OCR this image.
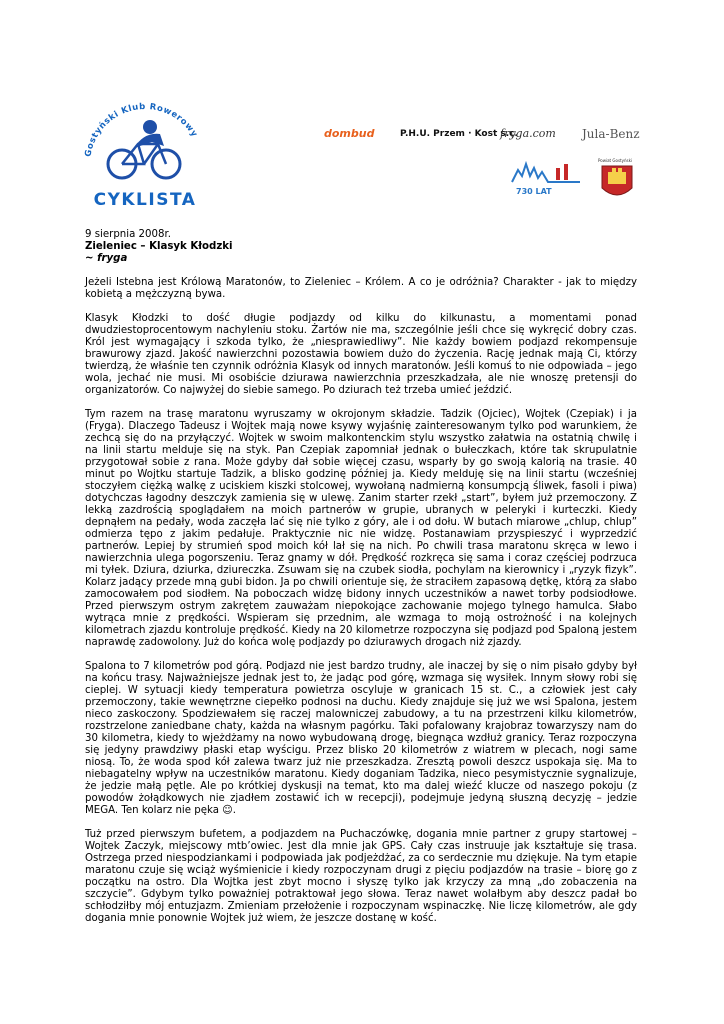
Gostyński Klub Rowerowy
CYKLISTA
dombud	P.H.U. Przem · Kost s.c.
fryga.com Jula-Benz
730 LAT
Powiat Gostyński

9 sierpnia 2008r.

Zieleniec – Klasyk Kłodzki

~ fryga

Jeżeli Istebna jest Królową Maratonów, to Zieleniec – Królem. A co je odróżnia? Charakter - jak to między kobietą a mężczyzną bywa.

Klasyk Kłodzki to dość długie podjazdy od kilku do kilkunastu, a momentami ponad dwudziestoprocentowym nachyleniu stoku. Żartów nie ma, szczególnie jeśli chce się wykręcić dobry czas. Król jest wymagający i szkoda tylko, że „niesprawiedliwy”. Nie każdy bowiem podjazd rekompensuje brawurowy zjazd. Jakość nawierzchni pozostawia bowiem dużo do życzenia. Rację jednak mają Ci, którzy twierdzą, że właśnie ten czynnik odróżnia Klasyk od innych maratonów. Jeśli komuś to nie odpowiada – jego wola, jechać nie musi. Mi osobiście dziurawa nawierzchnia przeszkadzała, ale nie wnoszę pretensji do organizatorów. Co najwyżej do siebie samego. Po dziurach też trzeba umieć jeździć.

Tym razem na trasę maratonu wyruszamy w okrojonym składzie. Tadzik (Ojciec), Wojtek (Czepiak) i ja (Fryga). Dlaczego Tadeusz i Wojtek mają nowe ksywy wyjaśnię zainteresowanym tylko pod warunkiem, że zechcą się do na przyłączyć. Wojtek w swoim malkontenckim stylu wszystko załatwia na ostatnią chwilę i na linii startu melduje się na styk. Pan Czepiak zapomniał jednak o bułeczkach, które tak skrupulatnie przygotował sobie z rana. Może gdyby dał sobie więcej czasu, wsparły by go swoją kalorią na trasie. 40 minut po Wojtku startuje Tadzik, a blisko godzinę później ja. Kiedy melduję się na linii startu (wcześniej stoczyłem ciężką walkę z uciskiem kiszki stolcowej, wywołaną nadmierną konsumpcją śliwek, fasoli i piwa) dotychczas łagodny deszczyk zamienia się w ulewę. Zanim starter rzekł „start”, byłem już przemoczony. Z lekką zazdrością spoglądałem na moich partnerów w grupie, ubranych w peleryki i kurteczki. Kiedy depnąłem na pedały, woda zaczęła lać się nie tylko z góry, ale i od dołu. W butach miarowe „chlup, chlup” odmierza tępo z jakim pedałuje. Praktycznie nic nie widzę. Postanawiam przyspieszyć i wyprzedzić partnerów. Lepiej by strumień spod moich kół lał się na nich. Po chwili trasa maratonu skręca w lewo i nawierzchnia ulega pogorszeniu. Teraz gnamy w dół. Prędkość rozkręca się sama i coraz częściej podrzuca mi tyłek. Dziura, dziurka, dziureczka. Zsuwam się na czubek siodła, pochylam na kierownicy i „ryzyk fizyk”. Kolarz jadący przede mną gubi bidon. Ja po chwili orientuje się, że straciłem zapasową dętkę, którą za słabo zamocowałem pod siodłem. Na poboczach widzę bidony innych uczestników a nawet torby podsiodłowe. Przed pierwszym ostrym zakrętem zauważam niepokojące zachowanie mojego tylnego hamulca. Słabo wytrąca mnie z prędkości. Wspieram się przednim, ale wzmaga to moją ostrożność i na kolejnych kilometrach zjazdu kontroluje prędkość. Kiedy na 20 kilometrze rozpoczyna się podjazd pod Spaloną jestem naprawdę zadowolony. Już do końca wolę podjazdy po dziurawych drogach niż zjazdy.

Spalona to 7 kilometrów pod górą. Podjazd nie jest bardzo trudny, ale inaczej by się o nim pisało gdyby był na końcu trasy. Najważniejsze jednak jest to, że jadąc pod górę, wzmaga się wysiłek. Innym słowy robi się cieplej. W sytuacji kiedy temperatura powietrza oscyluje w granicach 15 st. C., a człowiek jest cały przemoczony, takie wewnętrzne ciepełko podnosi na duchu. Kiedy znajduje się już we wsi Spalona, jestem nieco zaskoczony. Spodziewałem się raczej malowniczej zabudowy, a tu na przestrzeni kilku kilometrów, rozstrzelone zaniedbane chaty, każda na własnym pagórku. Taki pofalowany krajobraz towarzyszy nam do 30 kilometra, kiedy to wjeżdżamy na nowo wybudowaną drogę, biegnąca wzdłuż granicy. Teraz rozpoczyna się jedyny prawdziwy płaski etap wyścigu. Przez blisko 20 kilometrów z wiatrem w plecach, nogi same niosą. To, że woda spod kół zalewa twarz już nie przeszkadza. Zresztą powoli deszcz uspokaja się. Ma to niebagatelny wpływ na uczestników maratonu. Kiedy doganiam Tadzika, nieco pesymistycznie sygnalizuje, że jedzie małą pętle. Ale po krótkiej dyskusji na temat, kto ma dalej wieźć klucze od naszego pokoju (z powodów żołądkowych nie zjadłem zostawić ich w recepcji), podejmuje jedyną słuszną decyzję – jedzie MEGA. Ten kolarz nie pęka ☺.

Tuż przed pierwszym bufetem, a podjazdem na Puchaczówkę, dogania mnie partner z grupy startowej – Wojtek Zaczyk, miejscowy mtb’owiec. Jest dla mnie jak GPS. Cały czas instruuje jak kształtuje się trasa. Ostrzega przed niespodziankami i podpowiada jak podjeżdżać, za co serdecznie mu dziękuje. Na tym etapie maratonu czuje się wciąż wyśmienicie i kiedy rozpoczynam drugi z pięciu podjazdów na trasie – biorę go z początku na ostro. Dla Wojtka jest zbyt mocno i słyszę tylko jak krzyczy za mną „do zobaczenia na szczycie”. Gdybym tylko poważniej potraktował jego słowa. Teraz nawet wolałbym aby deszcz padał bo schłodziłby mój entuzjazm. Zmieniam przełożenie i rozpoczynam wspinaczkę. Nie liczę kilometrów, ale gdy dogania mnie ponownie Wojtek już wiem, że jeszcze dostanę w kość.
